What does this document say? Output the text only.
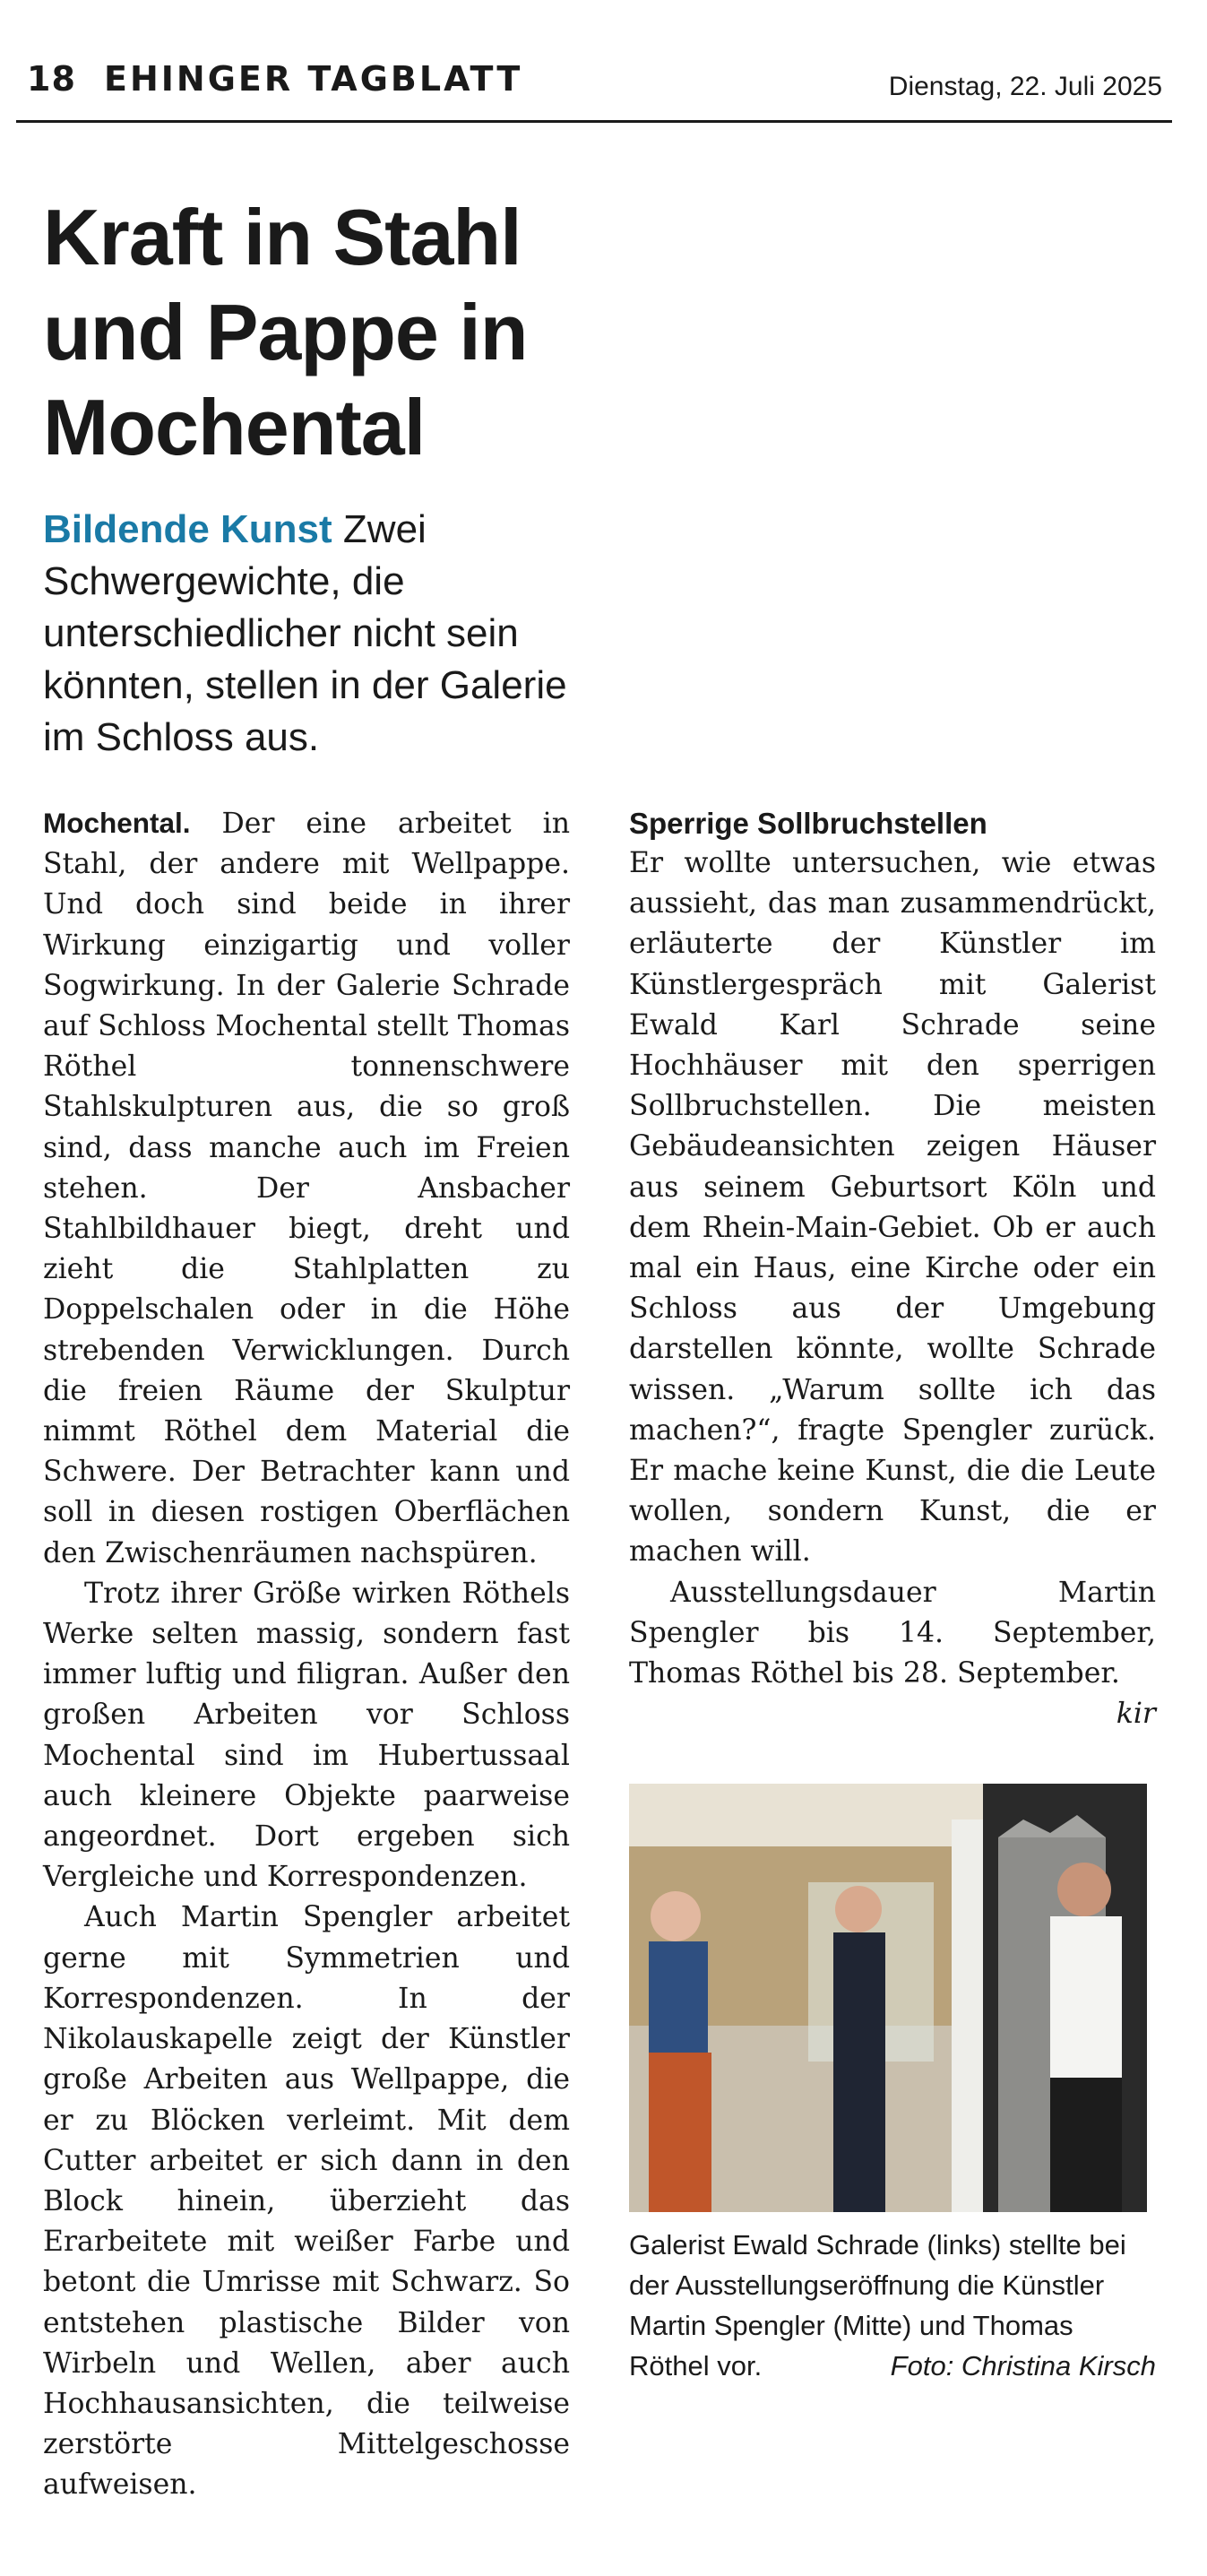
18 EHINGER TAGBLATT	Dienstag, 22. Juli 2025
Kraft in Stahl
und Pappe in
Mochental
Bildende Kunst Zwei Schwergewichte, die unterschiedlicher nicht sein könnten, stellen in der Galerie im Schloss aus.

Mochental. Der eine arbeitet in Stahl, der andere mit Wellpappe. Und doch sind beide in ihrer Wirkung einzigartig und voller Sogwirkung. In der Galerie Schrade auf Schloss Mochental stellt Thomas Röthel tonnenschwere Stahlskulpturen aus, die so groß sind, dass manche auch im Freien stehen. Der Ansbacher Stahlbildhauer biegt, dreht und zieht die Stahlplatten zu Doppelschalen oder in die Höhe strebenden Verwicklungen. Durch die freien Räume der Skulptur nimmt Röthel dem Material die Schwere. Der Betrachter kann und soll in diesen rostigen Oberflächen den Zwischenräumen nachspüren.

Trotz ihrer Größe wirken Röthels Werke selten massig, sondern fast immer luftig und filigran. Außer den großen Arbeiten vor Schloss Mochental sind im Hubertussaal auch kleinere Objekte paarweise angeordnet. Dort ergeben sich Vergleiche und Korrespondenzen.

Auch Martin Spengler arbeitet gerne mit Symmetrien und Korrespondenzen. In der Nikolauskapelle zeigt der Künstler große Arbeiten aus Wellpappe, die er zu Blöcken verleimt. Mit dem Cutter arbeitet er sich dann in den Block hinein, überzieht das Erarbeitete mit weißer Farbe und betont die Umrisse mit Schwarz. So entstehen plastische Bilder von Wirbeln und Wellen, aber auch Hochhausansichten, die teilweise zerstörte Mittelgeschosse aufweisen.

Sperrige Sollbruchstellen

Er wollte untersuchen, wie etwas aussieht, das man zusammendrückt, erläuterte der Künstler im Künstlergespräch mit Galerist Ewald Karl Schrade seine Hochhäuser mit den sperrigen Sollbruchstellen. Die meisten Gebäudeansichten zeigen Häuser aus seinem Geburtsort Köln und dem Rhein-Main-Gebiet. Ob er auch mal ein Haus, eine Kirche oder ein Schloss aus der Umgebung darstellen könnte, wollte Schrade wissen. „Warum sollte ich das machen?“, fragte Spengler zurück. Er mache keine Kunst, die die Leute wollen, sondern Kunst, die er machen will.

Ausstellungsdauer Martin Spengler bis 14. September, Thomas Röthel bis 28. September.

kir

Galerist Ewald Schrade (links) stellte bei der Ausstellungseröffnung die Künstler Martin Spengler (Mitte) und Thomas Röthel vor.	Foto: Christina Kirsch
